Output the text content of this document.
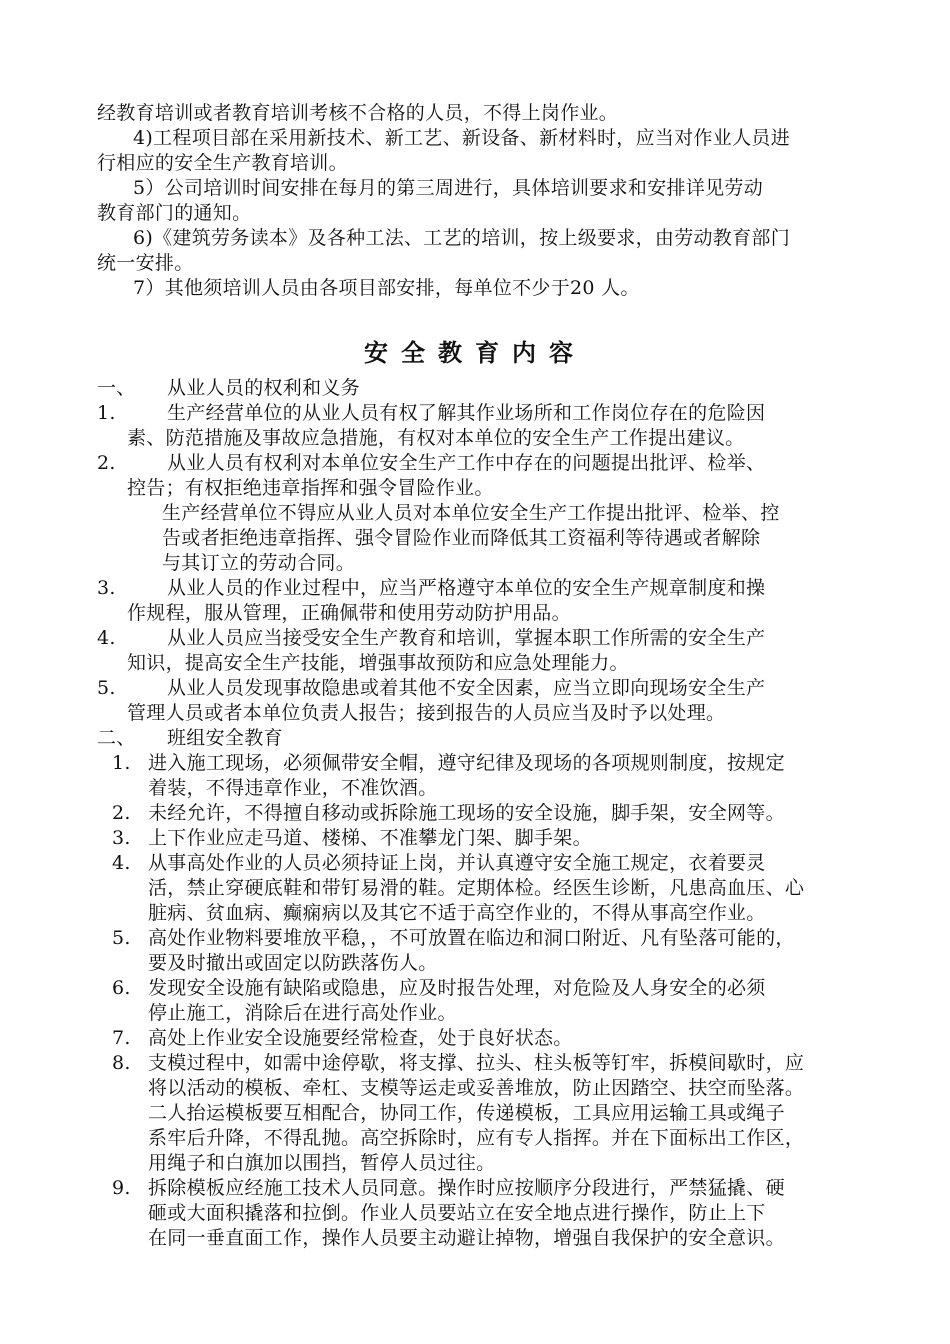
经教育培训或者教育培训考核不合格的人员，不得上岗作业。
4)工程项目部在采用新技术、新工艺、新设备、新材料时，应当对作业人员进
行相应的安全生产教育培训。
5）公司培训时间安排在每月的第三周进行，具体培训要求和安排详见劳动
教育部门的通知。
6)《建筑劳务读本》及各种工法、工艺的培训，按上级要求，由劳动教育部门
统一安排。
7）其他须培训人员由各项目部安排，每单位不少于20 人。
安全教育内容
一、 从业人员的权利和义务
1.	生产经营单位的从业人员有权了解其作业场所和工作岗位存在的危险因
素、防范措施及事故应急措施，有权对本单位的安全生产工作提出建议。
2.	从业人员有权利对本单位安全生产工作中存在的问题提出批评、检举、
控告；有权拒绝违章指挥和强令冒险作业。
生产经营单位不锝应从业人员对本单位安全生产工作提出批评、检举、控
告或者拒绝违章指挥、强令冒险作业而降低其工资福利等待遇或者解除
与其订立的劳动合同。
3.	从业人员的作业过程中，应当严格遵守本单位的安全生产规章制度和操
作规程，服从管理，正确佩带和使用劳动防护用品。
4.	从业人员应当接受安全生产教育和培训，掌握本职工作所需的安全生产
知识，提高安全生产技能，增强事故预防和应急处理能力。
5.	从业人员发现事故隐患或着其他不安全因素，应当立即向现场安全生产
管理人员或者本单位负责人报告；接到报告的人员应当及时予以处理。
二、 班组安全教育
1. 进入施工现场，必须佩带安全帽，遵守纪律及现场的各项规则制度，按规定
着装，不得违章作业，不准饮酒。
2. 未经允许，不得擅自移动或拆除施工现场的安全设施，脚手架，安全网等。
3. 上下作业应走马道、楼梯、不准攀龙门架、脚手架。
4. 从事高处作业的人员必须持证上岗，并认真遵守安全施工规定，衣着要灵
活，禁止穿硬底鞋和带钉易滑的鞋。定期体检。经医生诊断，凡患高血压、心
脏病、贫血病、癫痫病以及其它不适于高空作业的，不得从事高空作业。
5. 高处作业物料要堆放平稳，，不可放置在临边和洞口附近、凡有坠落可能的，
要及时撤出或固定以防跌落伤人。
6. 发现安全设施有缺陷或隐患，应及时报告处理，对危险及人身安全的必须
停止施工，消除后在进行高处作业。
7. 高处上作业安全设施要经常检查，处于良好状态。
8. 支模过程中，如需中途停歇，将支撑、拉头、柱头板等钉牢，拆模间歇时，应
将以活动的模板、牵杠、支模等运走或妥善堆放，防止因踏空、扶空而坠落。
二人抬运模板要互相配合，协同工作，传递模板，工具应用运输工具或绳子
系牢后升降，不得乱抛。高空拆除时，应有专人指挥。并在下面标出工作区，
用绳子和白旗加以围挡，暂停人员过往。
9. 拆除模板应经施工技术人员同意。操作时应按顺序分段进行，严禁猛撬、硬
砸或大面积撬落和拉倒。作业人员要站立在安全地点进行操作，防止上下
在同一垂直面工作，操作人员要主动避让掉物，增强自我保护的安全意识。
